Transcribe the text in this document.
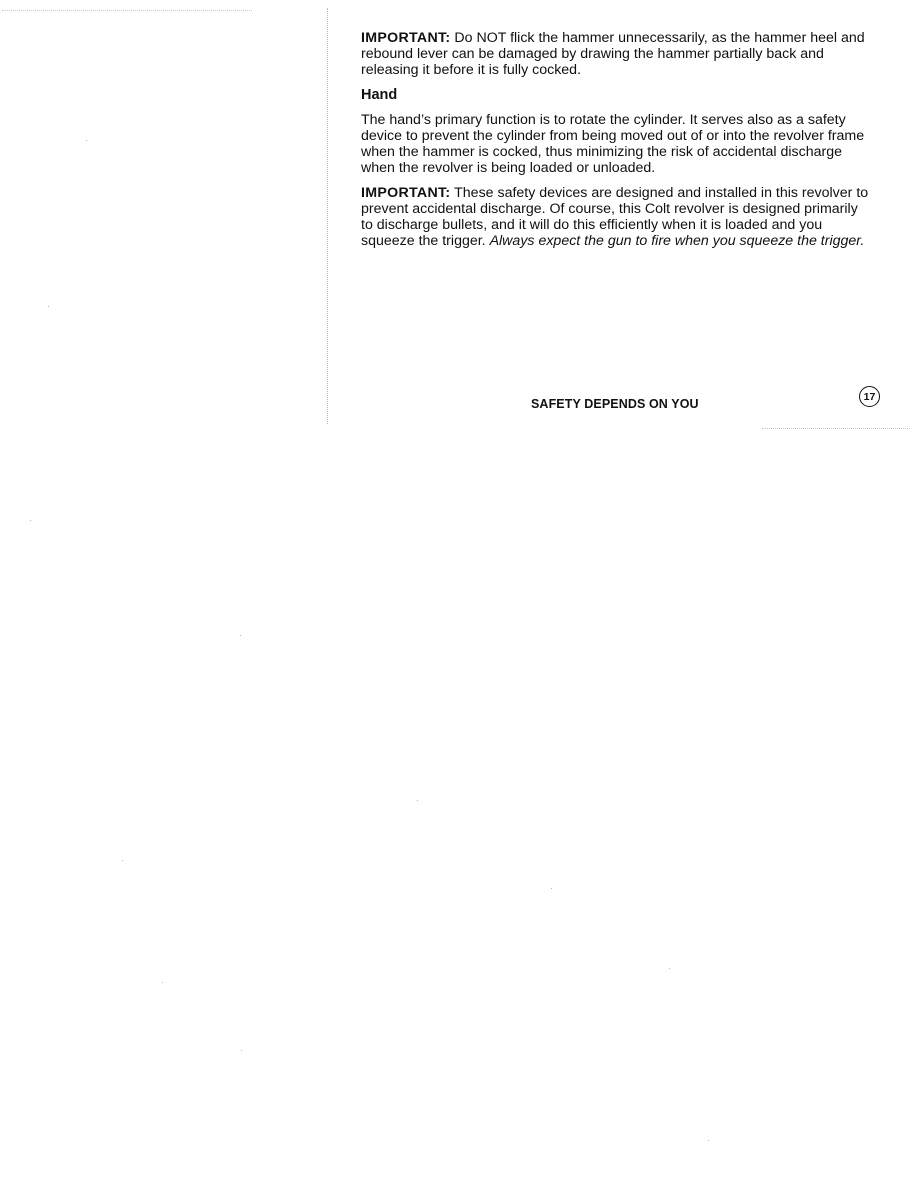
IMPORTANT: Do NOT flick the hammer unnecessarily, as the hammer heel and rebound lever can be damaged by drawing the hammer partially back and releasing it before it is fully cocked.

Hand

The hand’s primary function is to rotate the cylinder. It serves also as a safety device to prevent the cylinder from being moved out of or into the revolver frame when the hammer is cocked, thus minimizing the risk of accidental discharge when the revolver is being loaded or unloaded.

IMPORTANT: These safety devices are designed and installed in this revolver to prevent accidental discharge. Of course, this Colt revolver is designed primarily to discharge bullets, and it will do this efficiently when it is loaded and you squeeze the trigger. Always expect the gun to fire when you squeeze the trigger.

SAFETY DEPENDS ON YOU
17
